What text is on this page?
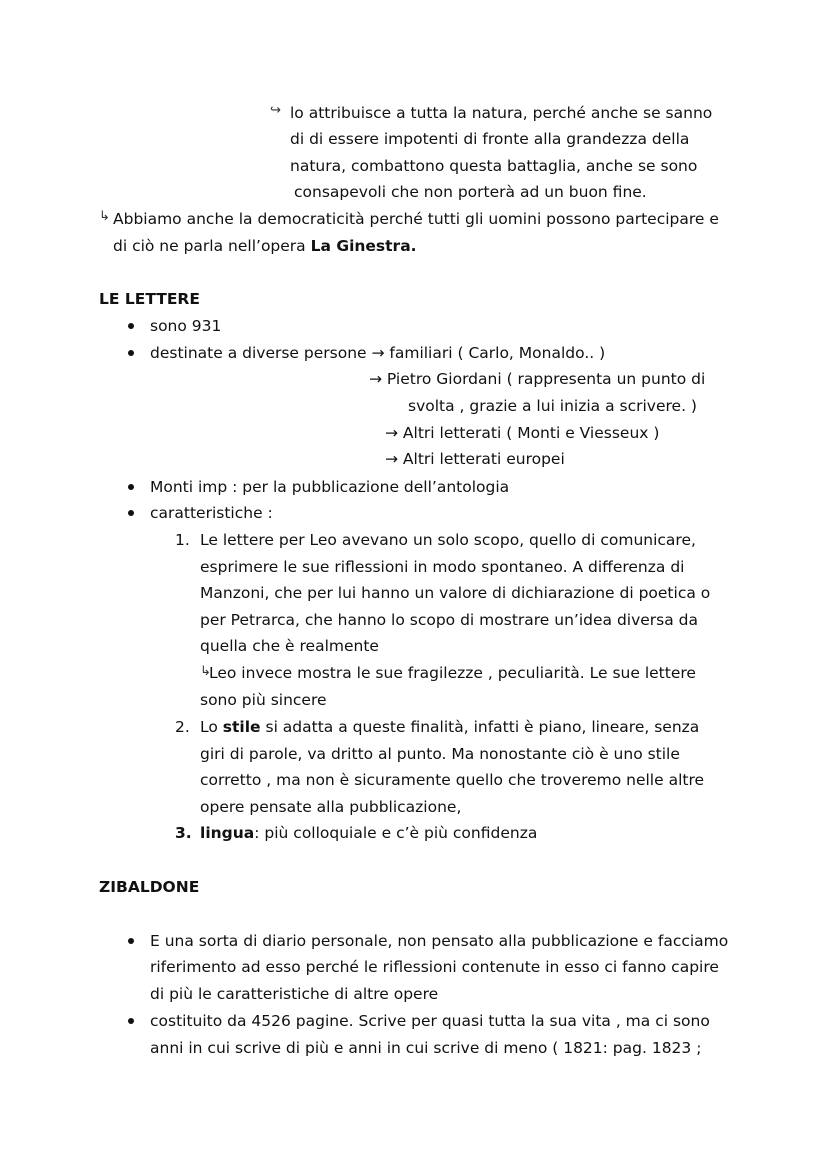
↪ lo attribuisce a tutta la natura, perché anche se sanno
di di essere impotenti di fronte alla grandezza della
natura, combattono questa battaglia, anche se sono
consapevoli che non porterà ad un buon fine.
↳ Abbiamo anche la democraticità perché tutti gli uomini possono partecipare e
di ciò ne parla nell’opera La Ginestra.
LE LETTERE
sono 931
destinate a diverse persone → familiari ( Carlo, Monaldo.. )
→ Pietro Giordani ( rappresenta un punto di
svolta , grazie a lui inizia a scrivere. )
→ Altri letterati ( Monti e Viesseux )
→ Altri letterati europei
Monti imp : per la pubblicazione dell’antologia
caratteristiche :
1. Le lettere per Leo avevano un solo scopo, quello di comunicare,
esprimere le sue riflessioni in modo spontaneo. A differenza di
Manzoni, che per lui hanno un valore di dichiarazione di poetica o
per Petrarca, che hanno lo scopo di mostrare un’idea diversa da
quella che è realmente
↳
Leo invece mostra le sue fragilezze , peculiarità. Le sue lettere
sono più sincere
2. Lo stile si adatta a queste finalità, infatti è piano, lineare, senza
giri di parole, va dritto al punto. Ma nonostante ciò è uno stile
corretto , ma non è sicuramente quello che troveremo nelle altre
opere pensate alla pubblicazione,
3. lingua: più colloquiale e c’è più confidenza
ZIBALDONE
E una sorta di diario personale, non pensato alla pubblicazione e facciamo
riferimento ad esso perché le riflessioni contenute in esso ci fanno capire
di più le caratteristiche di altre opere
costituito da 4526 pagine. Scrive per quasi tutta la sua vita , ma ci sono
anni in cui scrive di più e anni in cui scrive di meno ( 1821: pag. 1823 ;
